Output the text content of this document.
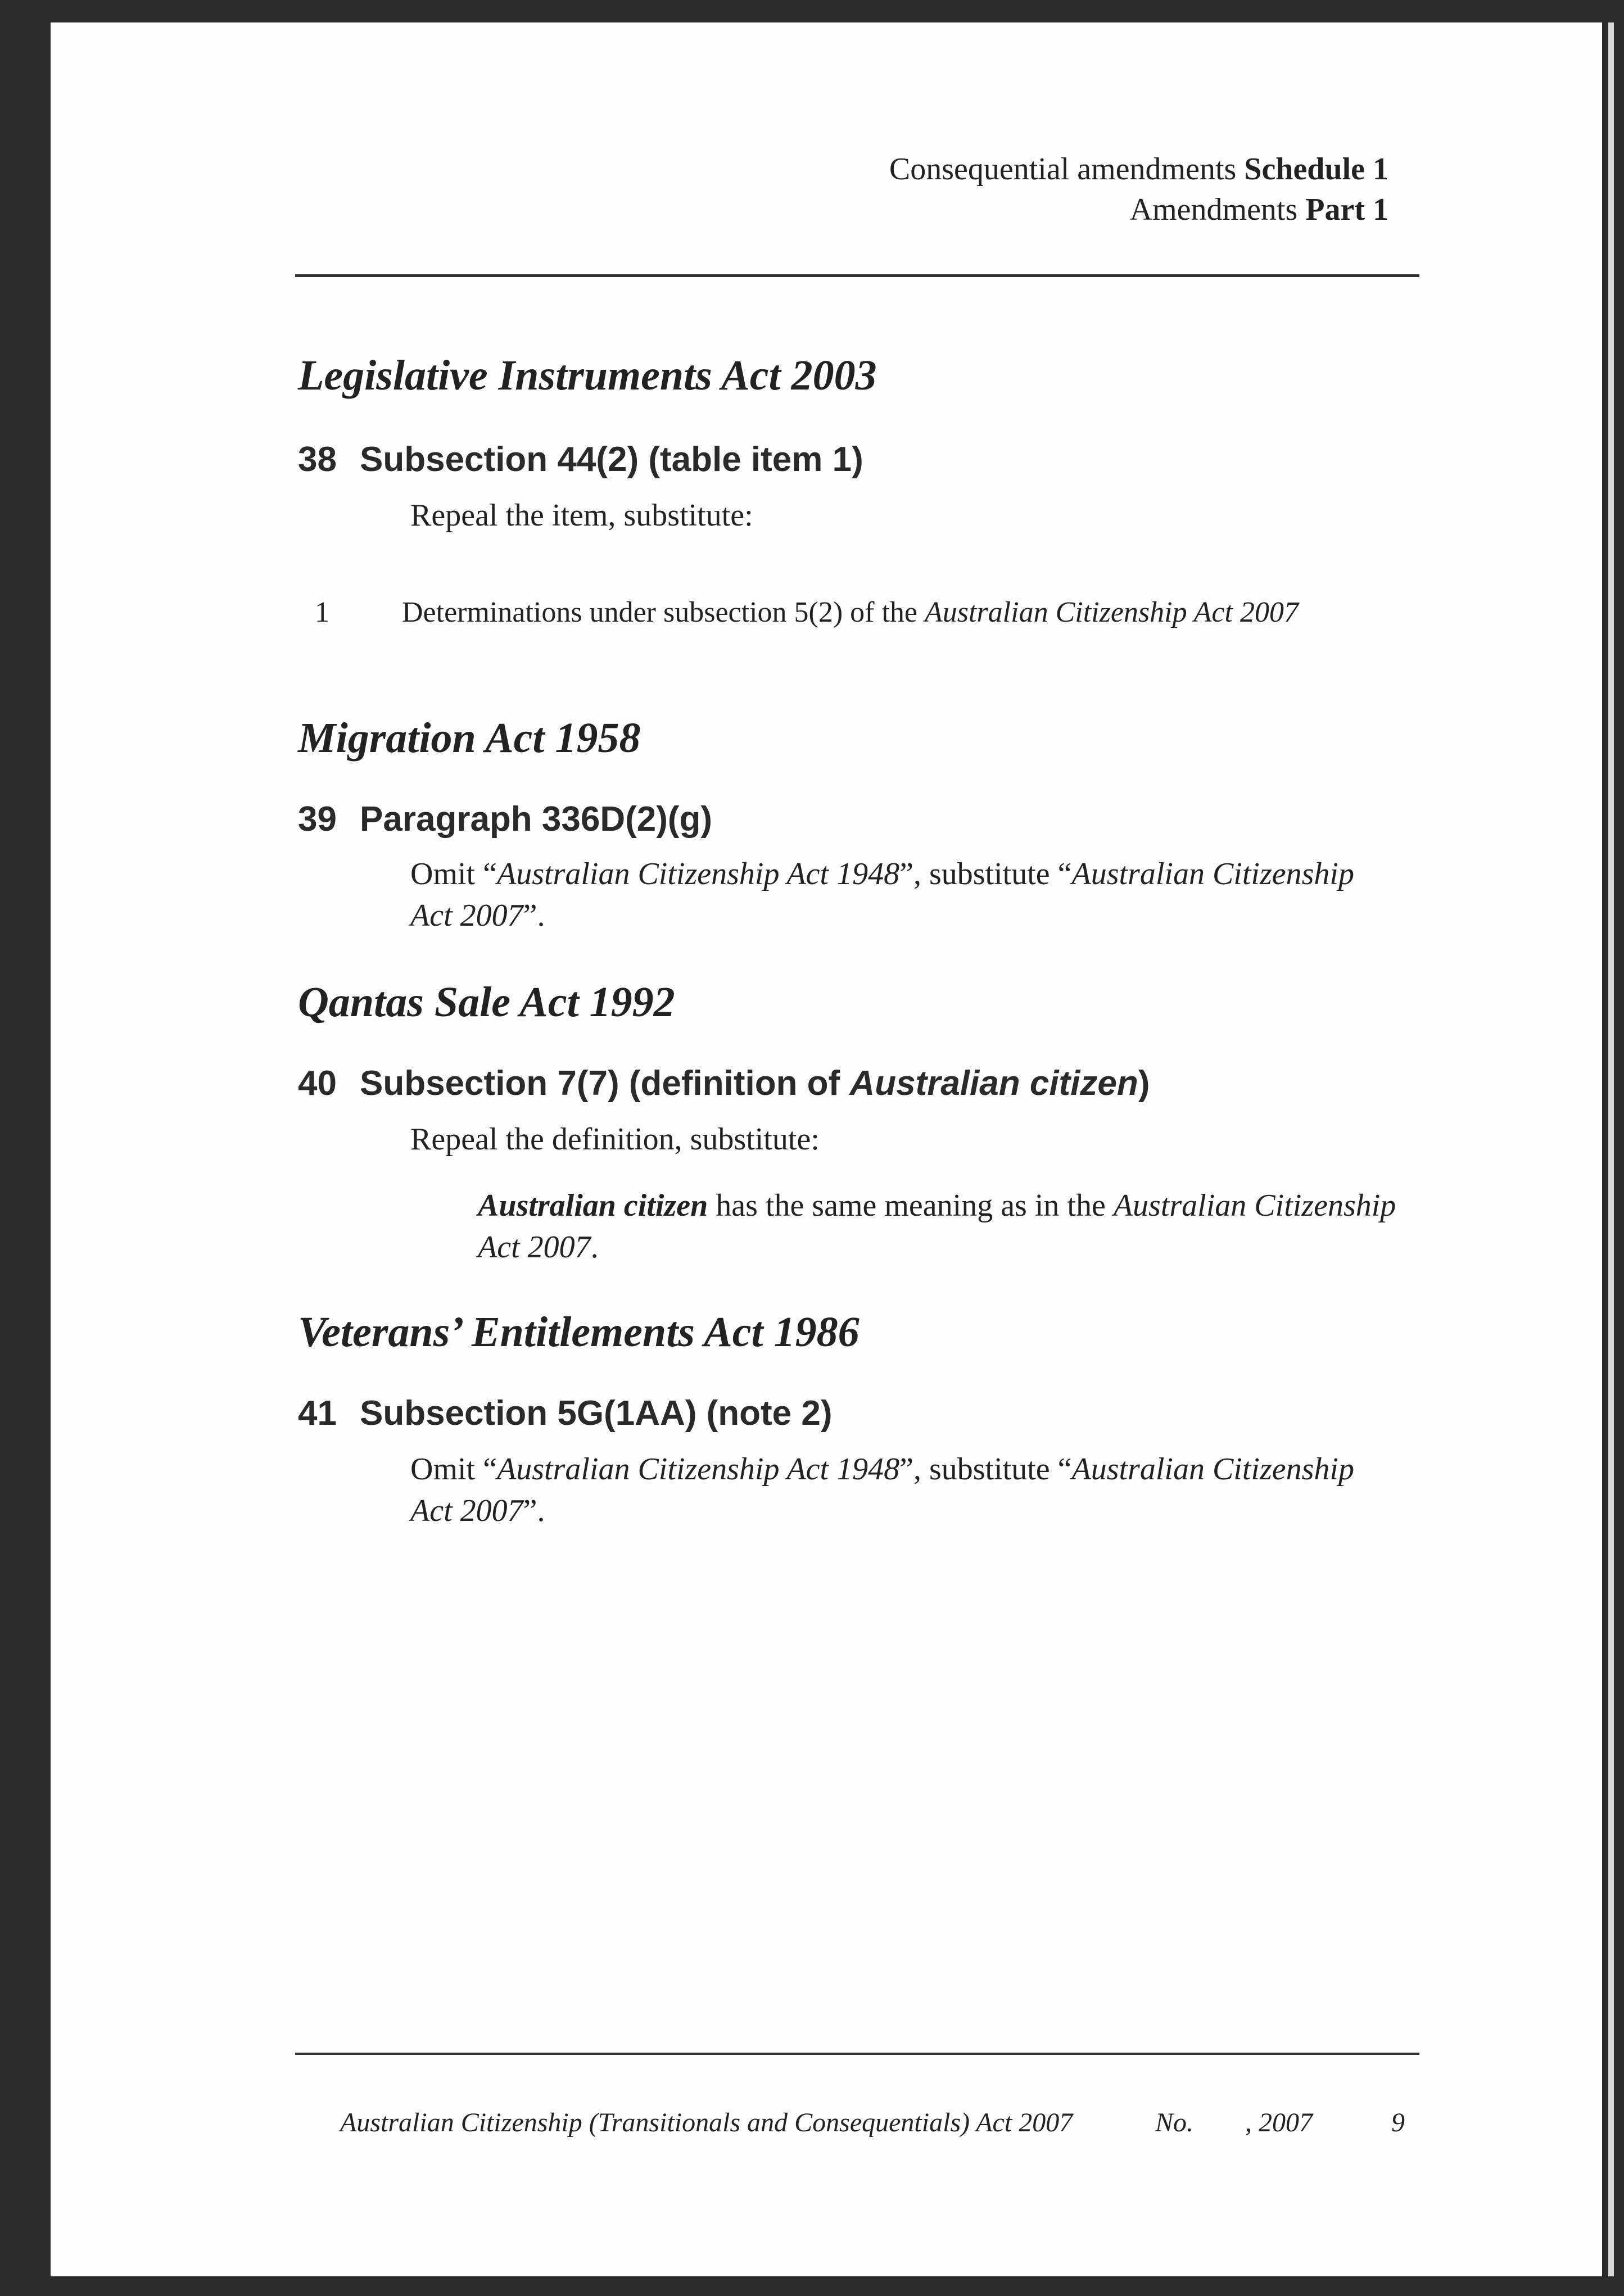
Consequential amendments Schedule 1
Amendments Part 1
Legislative Instruments Act 2003
38 Subsection 44(2) (table item 1)
Repeal the item, substitute:
1 Determinations under subsection 5(2) of the Australian Citizenship Act 2007
Migration Act 1958
39 Paragraph 336D(2)(g)
Omit “Australian Citizenship Act 1948”, substitute “Australian Citizenship Act 2007”.
Qantas Sale Act 1992
40 Subsection 7(7) (definition of Australian citizen)
Repeal the definition, substitute:
Australian citizen has the same meaning as in the Australian Citizenship Act 2007.
Veterans’ Entitlements Act 1986
41 Subsection 5G(1AA) (note 2)
Omit “Australian Citizenship Act 1948”, substitute “Australian Citizenship Act 2007”.
Australian Citizenship (Transitionals and Consequentials) Act 2007	No. , 2007	9
